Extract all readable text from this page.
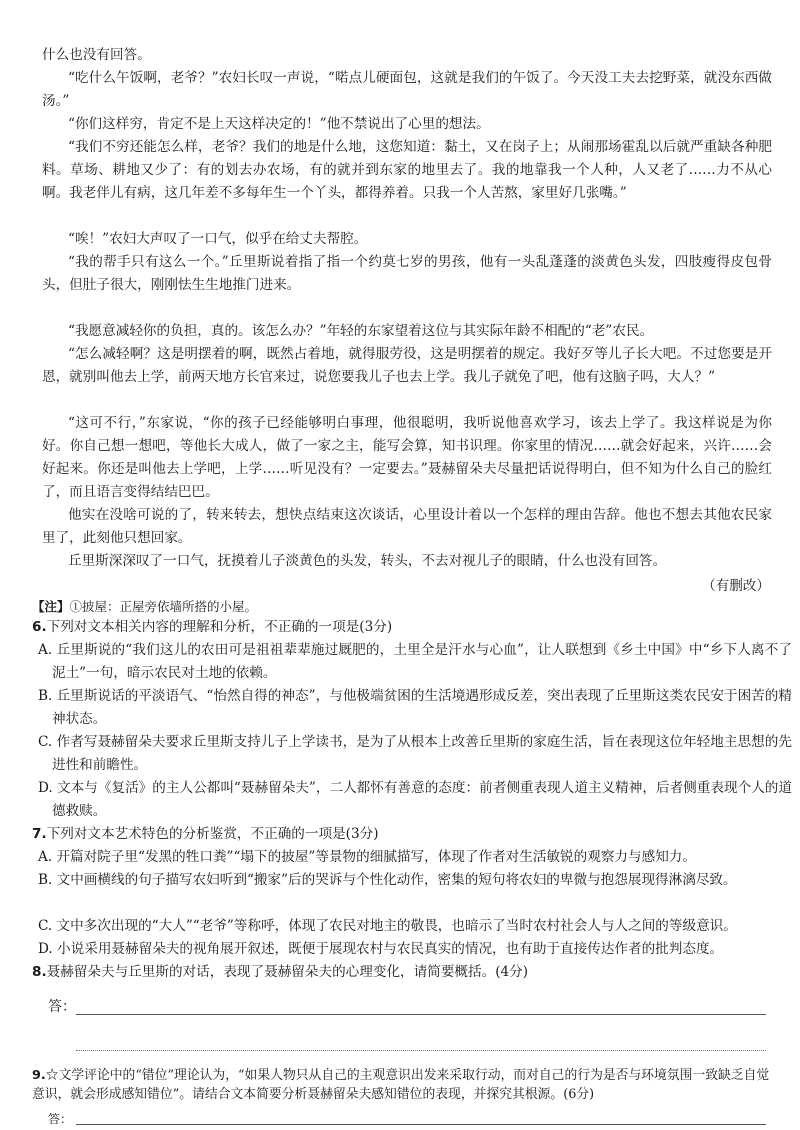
什么也没有回答。
“吃什么午饭啊，老爷？”农妇长叹一声说，“喏点儿硬面包，这就是我们的午饭了。今天没工夫去挖野菜，就没东西做汤。”
“你们这样穷，肯定不是上天这样决定的！”他不禁说出了心里的想法。
“我们不穷还能怎么样，老爷？我们的地是什么地，这您知道：黏土，又在岗子上；从闹那场霍乱以后就严重缺各种肥料。草场、耕地又少了：有的划去办农场，有的就并到东家的地里去了。我的地靠我一个人种，人又老了……力不从心啊。我老伴儿有病，这几年差不多每年生一个丫头，都得养着。只我一个人苦熬，家里好几张嘴。”
“唉！”农妇大声叹了一口气，似乎在给丈夫帮腔。
“我的帮手只有这么一个。”丘里斯说着指了指一个约莫七岁的男孩，他有一头乱蓬蓬的淡黄色头发，四肢瘦得皮包骨头，但肚子很大，刚刚怯生生地推门进来。
“我愿意减轻你的负担，真的。该怎么办？”年轻的东家望着这位与其实际年龄不相配的“老”农民。
“怎么减轻啊？这是明摆着的啊，既然占着地，就得服劳役，这是明摆着的规定。我好歹等儿子长大吧。不过您要是开恩，就别叫他去上学，前两天地方长官来过，说您要我儿子也去上学。我儿子就免了吧，他有这脑子吗，大人？”
“这可不行，”东家说，“你的孩子已经能够明白事理，他很聪明，我听说他喜欢学习，该去上学了。我这样说是为你好。你自己想一想吧，等他长大成人，做了一家之主，能写会算，知书识理。你家里的情况……就会好起来，兴许……会好起来。你还是叫他去上学吧，上学……听见没有？一定要去。”聂赫留朵夫尽量把话说得明白，但不知为什么自己的脸红了，而且语言变得结结巴巴。
他实在没啥可说的了，转来转去，想快点结束这次谈话，心里设计着以一个怎样的理由告辞。他也不想去其他农民家里了，此刻他只想回家。
丘里斯深深叹了一口气，抚摸着儿子淡黄色的头发，转头，不去对视儿子的眼睛，什么也没有回答。
（有删改）
【注】①披屋：正屋旁依墙所搭的小屋。
6.下列对文本相关内容的理解和分析，不正确的一项是(3分)
A. 丘里斯说的“我们这儿的农田可是祖祖辈辈施过厩肥的，土里全是汗水与心血”，让人联想到《乡土中国》中“乡下人离不了泥土”一句，暗示农民对土地的依赖。
B. 丘里斯说话的平淡语气、“怡然自得的神态”，与他极端贫困的生活境遇形成反差，突出表现了丘里斯这类农民安于困苦的精神状态。
C. 作者写聂赫留朵夫要求丘里斯支持儿子上学读书，是为了从根本上改善丘里斯的家庭生活，旨在表现这位年轻地主思想的先进性和前瞻性。
D. 文本与《复活》的主人公都叫“聂赫留朵夫”，二人都怀有善意的态度：前者侧重表现人道主义精神，后者侧重表现个人的道德救赎。
7.下列对文本艺术特色的分析鉴赏，不正确的一项是(3分)
A. 开篇对院子里“发黑的牲口粪”“塌下的披屋”等景物的细腻描写，体现了作者对生活敏锐的观察力与感知力。
B. 文中画横线的句子描写农妇听到“搬家”后的哭诉与个性化动作，密集的短句将农妇的卑微与抱怨展现得淋漓尽致。
C. 文中多次出现的“大人”“老爷”等称呼，体现了农民对地主的敬畏，也暗示了当时农村社会人与人之间的等级意识。
D. 小说采用聂赫留朵夫的视角展开叙述，既便于展现农村与农民真实的情况，也有助于直接传达作者的批判态度。
8.聂赫留朵夫与丘里斯的对话，表现了聂赫留朵夫的心理变化，请简要概括。(4分)
答：
9.☆文学评论中的“错位”理论认为，“如果人物只从自己的主观意识出发来采取行动，而对自己的行为是否与环境氛围一致缺乏自觉意识，就会形成感知错位”。请结合文本简要分析聂赫留朵夫感知错位的表现，并探究其根源。(6分)
答：
